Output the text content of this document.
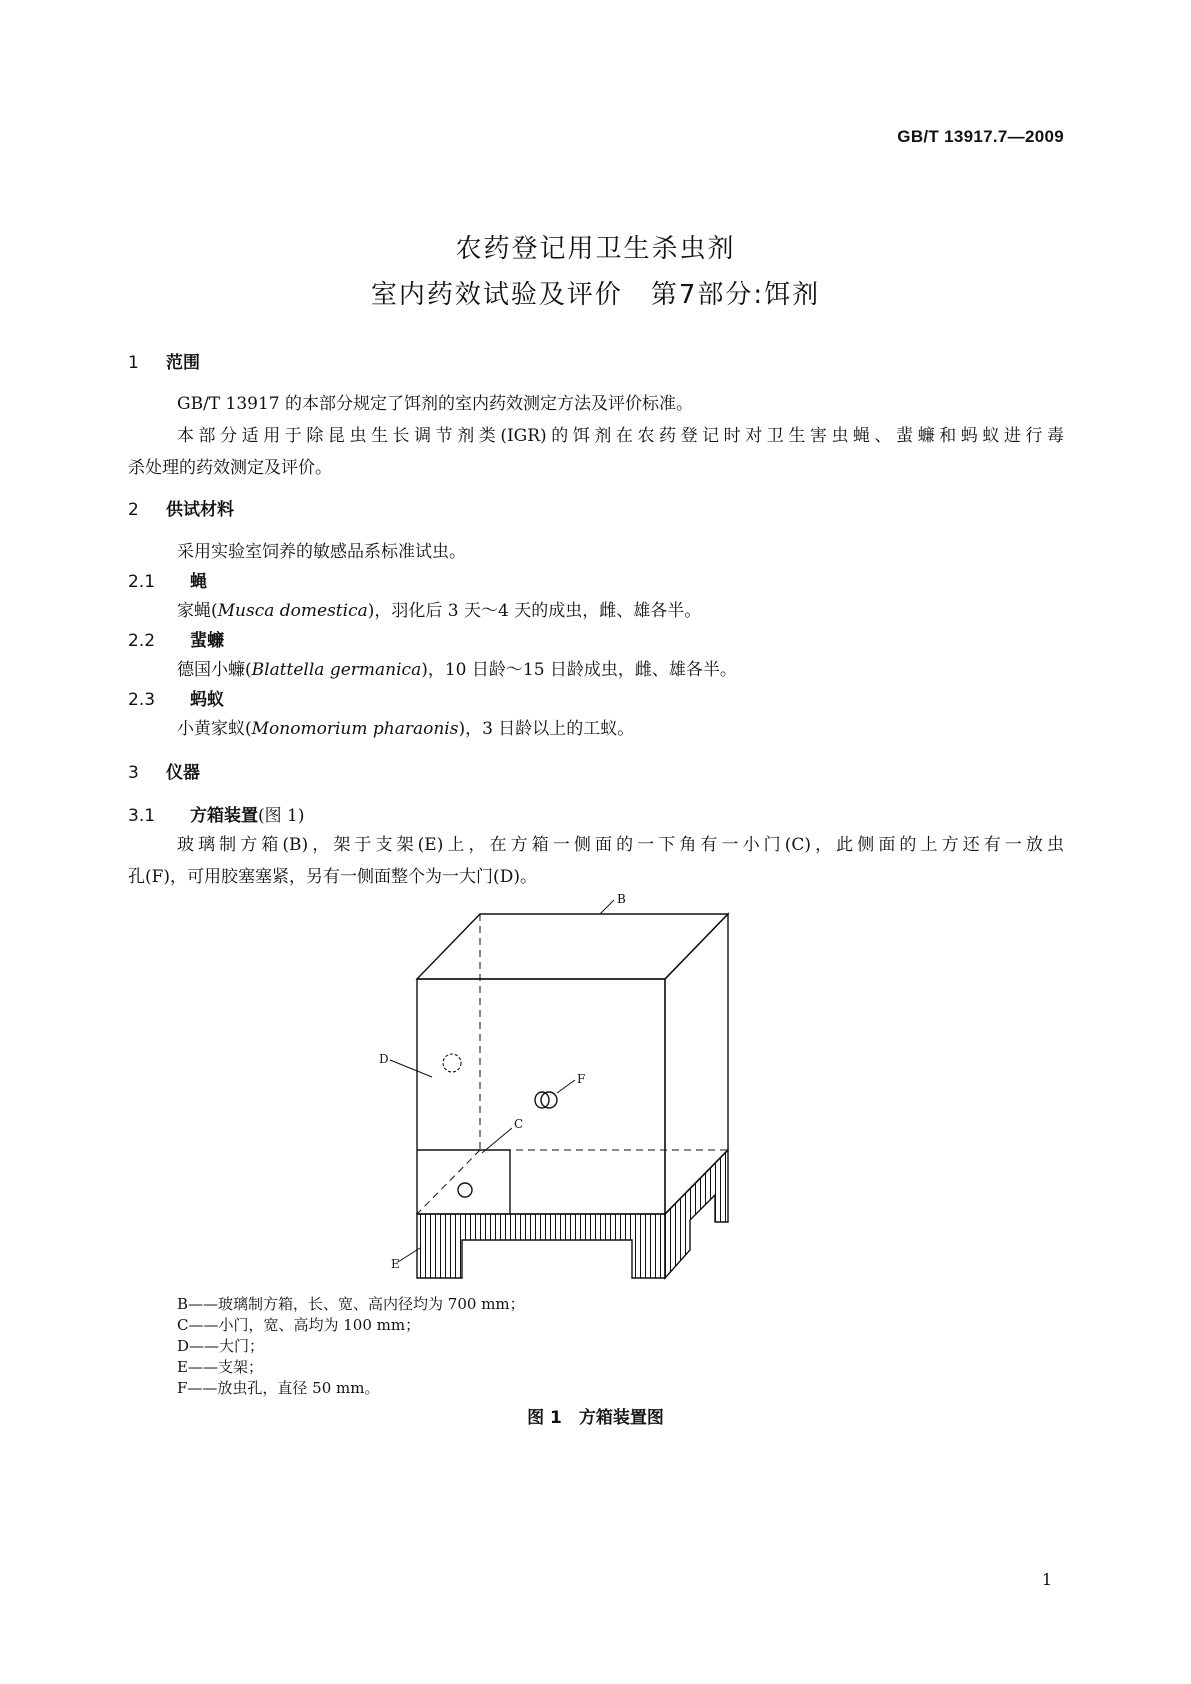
GB/T 13917.7—2009
农药登记用卫生杀虫剂
室内药效试验及评价　第7部分:饵剂
1 范围
GB/T 13917 的本部分规定了饵剂的室内药效测定方法及评价标准。
本部分适用于除昆虫生长调节剂类(IGR)的饵剂在农药登记时对卫生害虫蝇、蜚蠊和蚂蚁进行毒
杀处理的药效测定及评价。
2 供试材料
采用实验室饲养的敏感品系标准试虫。
2.1 蝇
家蝇(Musca domestica)，羽化后 3 天～4 天的成虫，雌、雄各半。
2.2 蜚蠊
德国小蠊(Blattella germanica)，10 日龄～15 日龄成虫，雌、雄各半。
2.3 蚂蚁
小黄家蚁(Monomorium pharaonis)，3 日龄以上的工蚁。
3 仪器
3.1 方箱装置(图 1)
玻璃制方箱(B)，架于支架(E)上，在方箱一侧面的一下角有一小门(C)，此侧面的上方还有一放虫
孔(F)，可用胶塞塞紧，另有一侧面整个为一大门(D)。
B
D
F
C
E
B——玻璃制方箱，长、宽、高内径均为 700 mm；
C——小门，宽、高均为 100 mm；
D——大门；
E——支架；
F——放虫孔，直径 50 mm。
图 1　方箱装置图
1
